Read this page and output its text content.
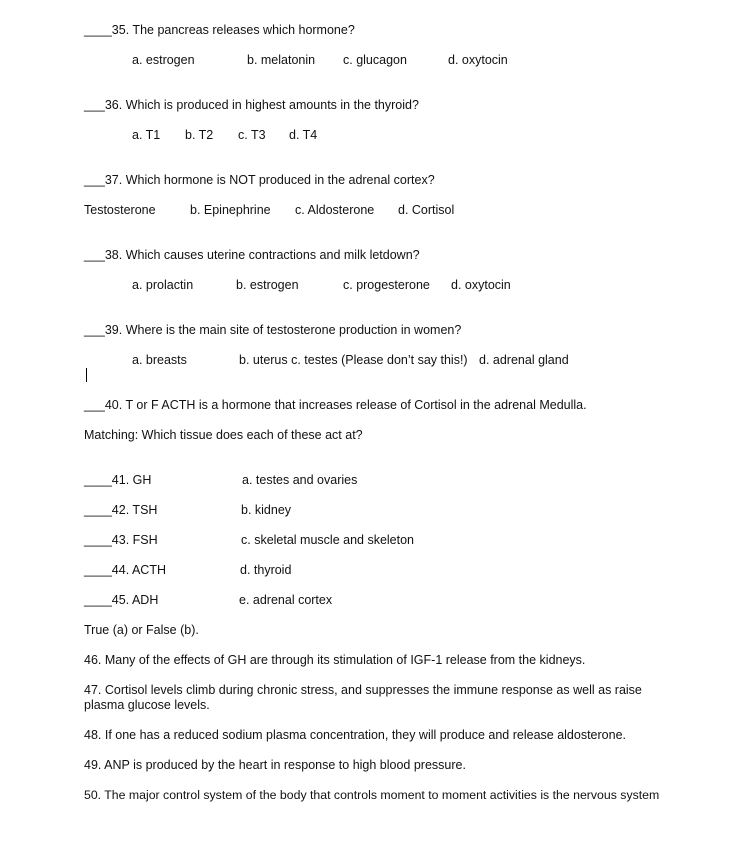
____35. The pancreas releases which hormone?
a. estrogen	b. melatonin c. glucagon	d. oxytocin
___36. Which is produced in highest amounts in the thyroid?
a. T1 b. T2 c. T3 d. T4
___37. Which hormone is NOT produced in the adrenal cortex?
Testosterone	b. Epinephrine c. Aldosterone d. Cortisol
___38. Which causes uterine contractions and milk letdown?
a. prolactin	b. estrogen	c. progesterone d. oxytocin
___39. Where is the main site of testosterone production in women?
a. breasts	b. uterus c. testes (Please don’t say this!) d. adrenal gland
___40. T or F ACTH is a hormone that increases release of Cortisol in the adrenal Medulla.
Matching: Which tissue does each of these act at?
____41. GH	a. testes and ovaries
____42. TSH	b. kidney
____43. FSH	c. skeletal muscle and skeleton
____44. ACTH	d. thyroid
____45. ADH	e. adrenal cortex
True (a) or False (b).
46. Many of the effects of GH are through its stimulation of IGF-1 release from the kidneys.
47. Cortisol levels climb during chronic stress, and suppresses the immune response as well as raise
plasma glucose levels.
48. If one has a reduced sodium plasma concentration, they will produce and release aldosterone.
49. ANP is produced by the heart in response to high blood pressure.
50. The major control system of the body that controls moment to moment activities is the nervous system
